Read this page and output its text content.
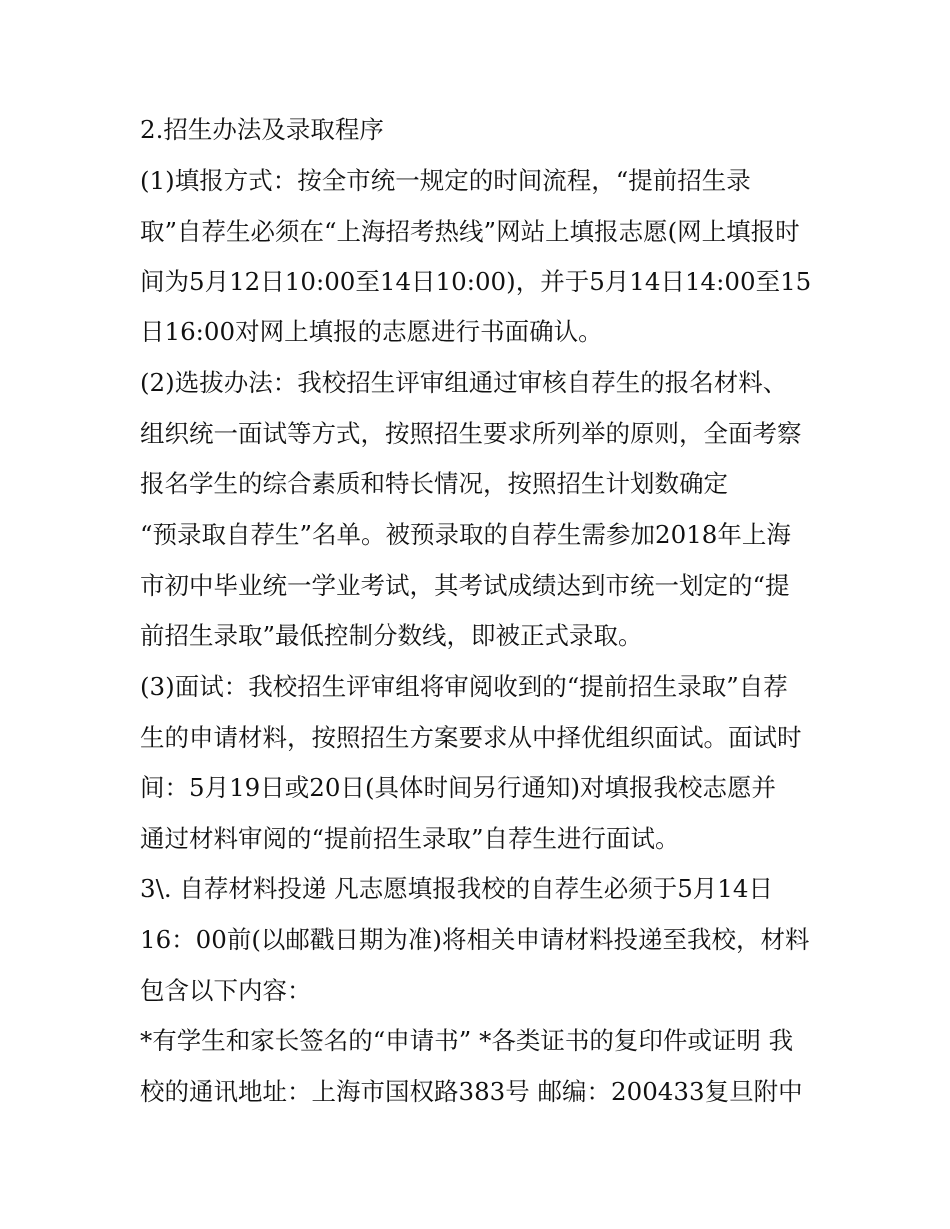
2.招生办法及录取程序
(1)填报方式：按全市统一规定的时间流程，“提前招生录
取”自荐生必须在“上海招考热线”网站上填报志愿(网上填报时
间为5月12日10:00至14日10:00)，并于5月14日14:00至15
日16:00对网上填报的志愿进行书面确认。
(2)选拔办法：我校招生评审组通过审核自荐生的报名材料、
组织统一面试等方式，按照招生要求所列举的原则，全面考察
报名学生的综合素质和特长情况，按照招生计划数确定
“预录取自荐生”名单。被预录取的自荐生需参加2018年上海
市初中毕业统一学业考试，其考试成绩达到市统一划定的“提
前招生录取”最低控制分数线，即被正式录取。
(3)面试：我校招生评审组将审阅收到的“提前招生录取”自荐
生的申请材料，按照招生方案要求从中择优组织面试。面试时
间：5月19日或20日(具体时间另行通知)对填报我校志愿并
通过材料审阅的“提前招生录取”自荐生进行面试。
3\. 自荐材料投递 凡志愿填报我校的自荐生必须于5月14日
16：00前(以邮戳日期为准)将相关申请材料投递至我校，材料
包含以下内容：
*有学生和家长签名的“申请书” *各类证书的复印件或证明 我
校的通讯地址：上海市国权路383号 邮编：200433复旦附中
